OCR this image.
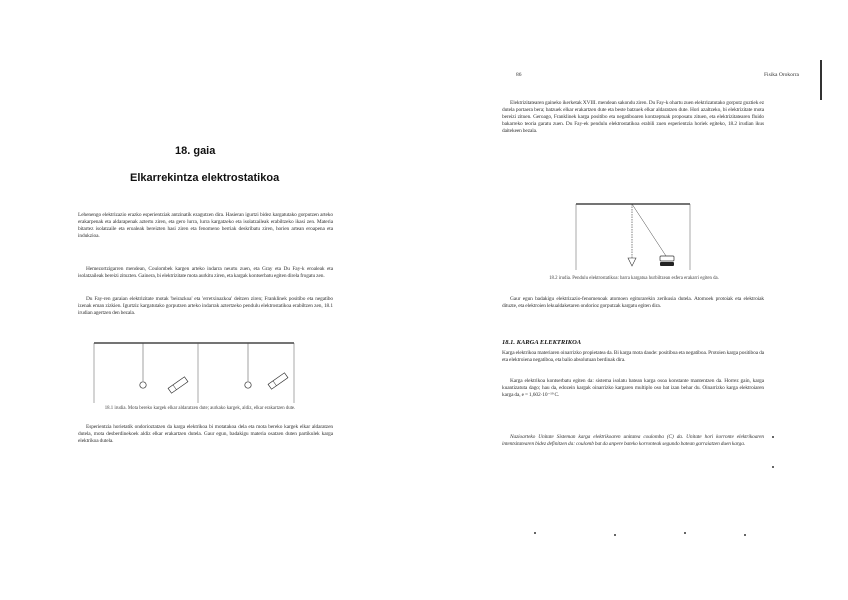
18. gaia
Elkarrekintza elektrostatikoa

Lehenengo elektrizazio erazko esperientziak antzinatik ezagutzen dira. Hasieran igurtzi bidez kargatutako gorputzen arteko erakarpenak eta aldarapenak aztertu ziren, eta gero lurra, lurra kargatzeko eta isolatzaileak erabiltzeko ikasi zen. Materia bitartez isolatzaile eta eroaleak bereizten hasi ziren eta fenomeno berriak deskribatu ziren, horien artean eroapena eta indukzioa.

Hemezortzigarren mendean, Coulombek kargen arteko indarra neurtu zuen, eta Gray eta Du Fay-k eroaleak eta isolatzaileak bereizi zituzten. Gainera, bi elektrizitate mota aurkitu ziren, eta kargak kontserbatu egiten direla frogatu zen.

Du Fay-ren garaian elektrizitate motak 'beirazkoa' eta 'erretxinazkoa' deitzen ziren; Franklinek positibo eta negatibo izenak eman zizkien. Igurtziz kargatutako gorputzen arteko indarrak aztertzeko pendulu elektrostatikoa erabiltzen zen, 18.1 irudian agertzen den bezala.

18.1 irudia. Mota bereko kargek elkar aldaratzen dute; aurkako kargek, aldiz, elkar erakartzen dute.

Esperientzia horietatik ondorioztatzen da karga elektrikoa bi motatakoa dela eta mota bereko kargek elkar aldaratzen dutela, mota desberdinekoek aldiz elkar erakartzen dutela. Gaur egun, badakigu materia osatzen duten partikulek karga elektrikoa dutela.

86	Fisika Orokorra

Elektrizitatearen gaineko ikerketak XVIII. mendean sakondu ziren. Du Fay-k ohartu zuen elektrizatutako gorputz guztiek ez dutela portaera bera; batzuek elkar erakartzen dute eta beste batzuek elkar aldaratzen dute. Hori azaltzeko, bi elektrizitate mota bereizi zituen. Geroago, Franklinek karga positibo eta negatiboaren kontzeptuak proposatu zituen, eta elektrizitatearen fluido bakarreko teoria garatu zuen. Du Fay-ek pendulu elektrostatikoa erabili zuen esperientzia horiek egiteko, 18.2 irudian ikus daitekeen bezala.

18.2 irudia. Pendulu elektrostatikoa: barra kargatua hurbiltzean esfera erakarri egiten da.

Gaur egun badakigu elektrizazio-fenomenoak atomoen egiturarekin zerikusia dutela. Atomoek protoiak eta elektroiak dituzte, eta elektroien lekualdaketaren ondorioz gorputzak kargatu egiten dira.

18.1. KARGA ELEKTRIKOA

Karga elektrikoa materiaren oinarrizko propietatea da. Bi karga mota daude: positiboa eta negatiboa. Protoien karga positiboa da eta elektroiena negatiboa, eta balio absolutuan berdinak dira.

Karga elektrikoa kontserbatu egiten da: sistema isolatu batean karga osoa konstante mantentzen da. Horrez gain, karga kuantizatuta dago; hau da, edozein kargak oinarrizko kargaren multiplo oso bat izan behar du. Oinarrizko karga elektroiaren karga da, e = 1,602·10⁻¹⁹ C.

Nazioarteko Unitate Sisteman karga elektrikoaren unitatea coulomba (C) da. Unitate hori korronte elektrikoaren intentsitatearen bidez definitzen da: coulomb bat da anpere bateko korronteak segundo batean garraiatzen duen karga.
